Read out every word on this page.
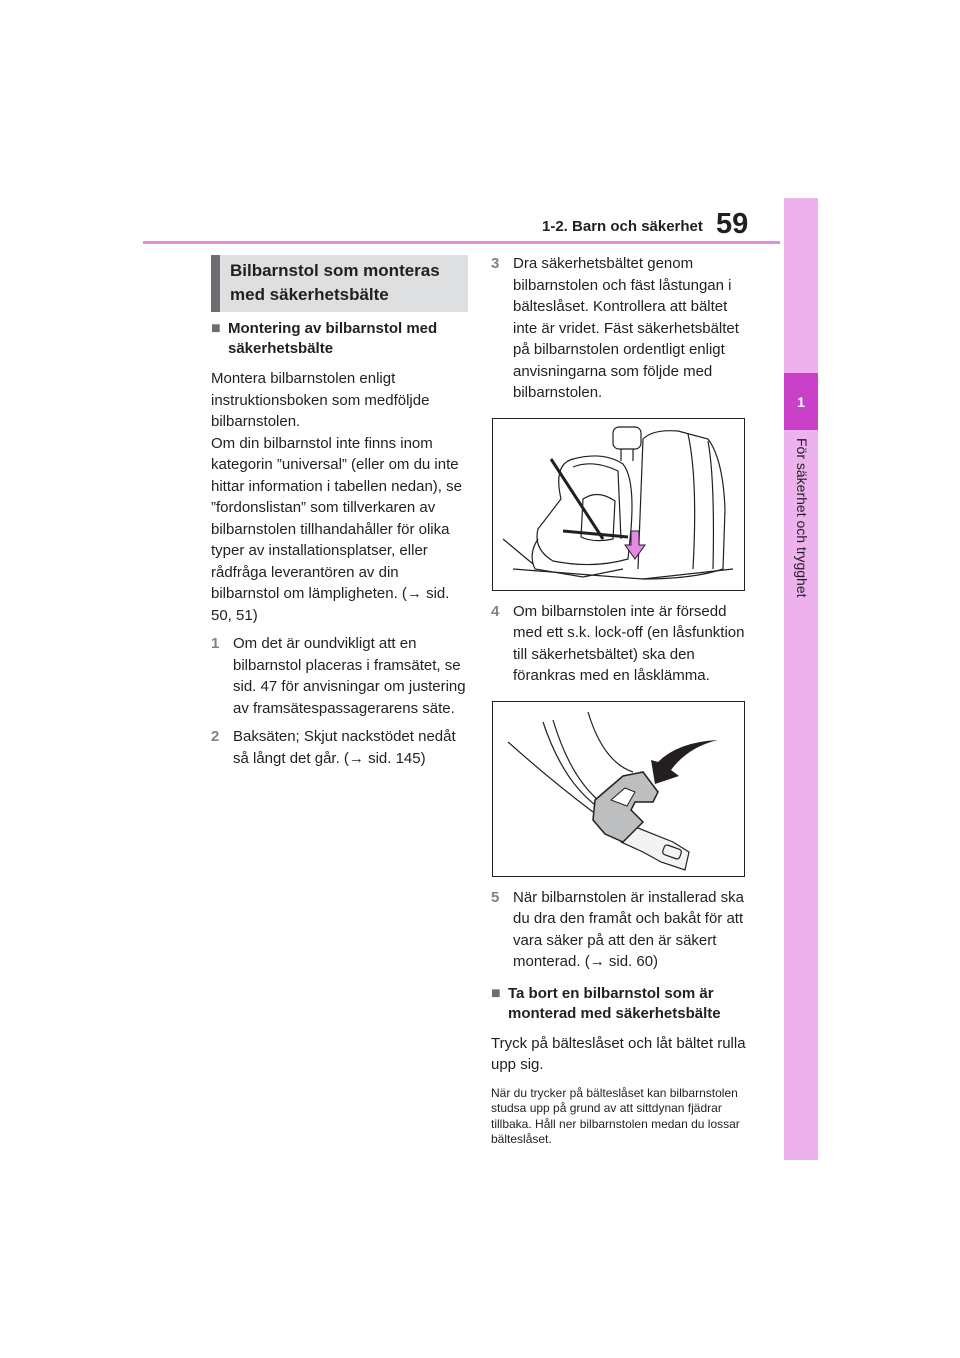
59
1-2. Barn och säkerhet
1
För säkerhet och trygghet
Bilbarnstol som monteras med säkerhetsbälte
■ Montering av bilbarnstol med säkerhetsbälte
Montera bilbarnstolen enligt instruktionsboken som medföljde bilbarnstolen.
Om din bilbarnstol inte finns inom kategorin ”universal” (eller om du inte hittar information i tabellen nedan), se ”fordonslistan” som tillverkaren av bilbarnstolen tillhandahåller för olika typer av installationsplatser, eller rådfråga leverantören av din bilbarnstol om lämpligheten. (→ sid. 50, 51)
1 Om det är oundvikligt att en bilbarnstol placeras i framsätet, se sid. 47 för anvisningar om justering av framsätespassagerarens säte.
2 Baksäten; Skjut nackstödet nedåt så långt det går. (→ sid. 145)
3 Dra säkerhetsbältet genom bilbarnstolen och fäst låstungan i bälteslåset. Kontrollera att bältet inte är vridet. Fäst säkerhetsbältet på bilbarnstolen ordentligt enligt anvisningarna som följde med bilbarnstolen.
4 Om bilbarnstolen inte är försedd med ett s.k. lock-off (en låsfunktion till säkerhetsbältet) ska den förankras med en låsklämma.
5 När bilbarnstolen är installerad ska du dra den framåt och bakåt för att vara säker på att den är säkert monterad. (→ sid. 60)
■ Ta bort en bilbarnstol som är monterad med säkerhetsbälte
Tryck på bälteslåset och låt bältet rulla upp sig.
När du trycker på bälteslåset kan bilbarnstolen studsa upp på grund av att sittdynan fjädrar tillbaka. Håll ner bilbarnstolen medan du lossar bälteslåset.
